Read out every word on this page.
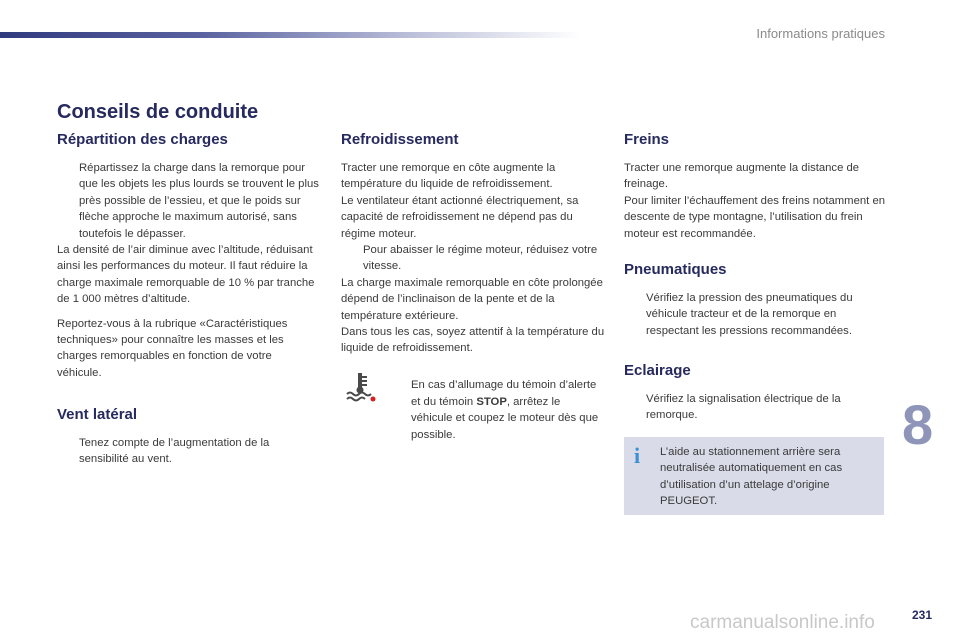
Informations pratiques
Conseils de conduite
Répartition des charges

Répartissez la charge dans la remorque pour que les objets les plus lourds se trouvent le plus près possible de l’essieu, et que le poids sur flèche approche le maximum autorisé, sans toutefois le dépasser.

La densité de l’air diminue avec l’altitude, réduisant ainsi les performances du moteur. Il faut réduire la charge maximale remorquable de 10 % par tranche de 1 000 mètres d’altitude.

Reportez-vous à la rubrique «Caractéristiques techniques» pour connaître les masses et les charges remorquables en fonction de votre véhicule.

Vent latéral

Tenez compte de l’augmentation de la sensibilité au vent.

Refroidissement

Tracter une remorque en côte augmente la température du liquide de refroidissement.

Le ventilateur étant actionné électriquement, sa capacité de refroidissement ne dépend pas du régime moteur.

Pour abaisser le régime moteur, réduisez votre vitesse.

La charge maximale remorquable en côte prolongée dépend de l’inclinaison de la pente et de la température extérieure.

Dans tous les cas, soyez attentif à la température du liquide de refroidissement.

En cas d’allumage du témoin d’alerte et du témoin STOP, arrêtez le véhicule et coupez le moteur dès que possible.

Freins

Tracter une remorque augmente la distance de freinage.

Pour limiter l’échauffement des freins notamment en descente de type montagne, l’utilisation du frein moteur est recommandée.

Pneumatiques

Vérifiez la pression des pneumatiques du véhicule tracteur et de la remorque en respectant les pressions recommandées.

Eclairage

Vérifiez la signalisation électrique de la remorque.

i	L’aide au stationnement arrière sera neutralisée automatiquement en cas d’utilisation d’un attelage d’origine PEUGEOT.
8
231
carmanualsonline.info
